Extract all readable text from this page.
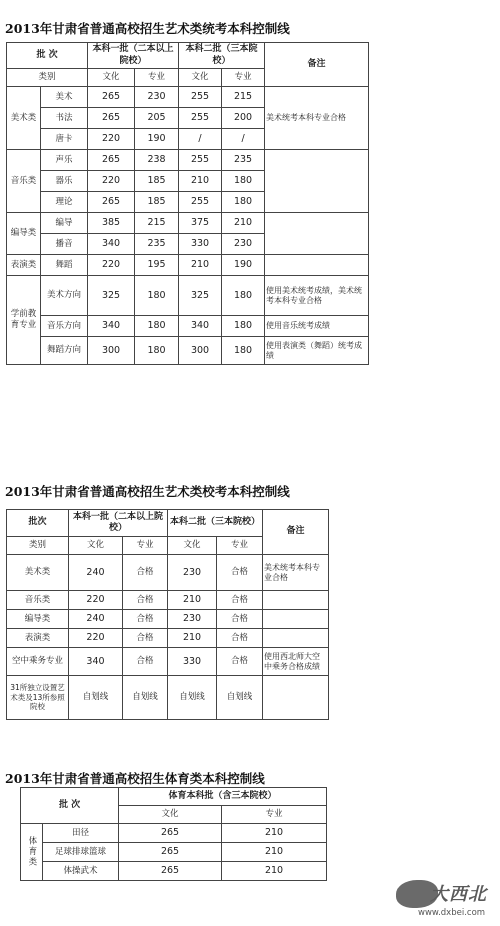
2013年甘肃省普通高校招生艺术类统考本科控制线
批 次		本科一批（二本以上院校）		本科二批（三本院校）		备注
类别		文化	专业	文化	专业	
美术类	美术	265	230	255	215	美术统考本科专业合格
	书法	265	205	255	200	
	唐卡	220	190	/	/	
音乐类	声乐	265	238	255	235	
	器乐	220	185	210	180	
	理论	265	185	255	180	
编导类	编导	385	215	375	210	
	播音	340	235	330	230	
表演类	舞蹈	220	195	210	190	
学前教育专业	美术方向	325	180	325	180	使用美术统考成绩，美术统考本科专业合格
	音乐方向	340	180	340	180	使用音乐统考成绩
	舞蹈方向	300	180	300	180	使用表演类（舞蹈）统考成绩
2013年甘肃省普通高校招生艺术类校考本科控制线
批次	本科一批（二本以上院校）		本科二批（三本院校）		备注
类别	文化	专业	文化	专业	
美术类	240	合格	230	合格	美术统考本科专业合格
音乐类	220	合格	210	合格	
编导类	240	合格	230	合格	
表演类	220	合格	210	合格	
空中乘务专业	340	合格	330	合格	使用西北师大空中乘务合格成绩
31所独立设置艺术类及13所参照院校	自划线	自划线	自划线	自划线	
2013年甘肃省普通高校招生体育类本科控制线
批 次		体育本科批（含三本院校）	
		文化	专业
体育类	田径	265	210
	足球排球篮球	265	210
	体操武术	265	210
大西北
www.dxbei.com
